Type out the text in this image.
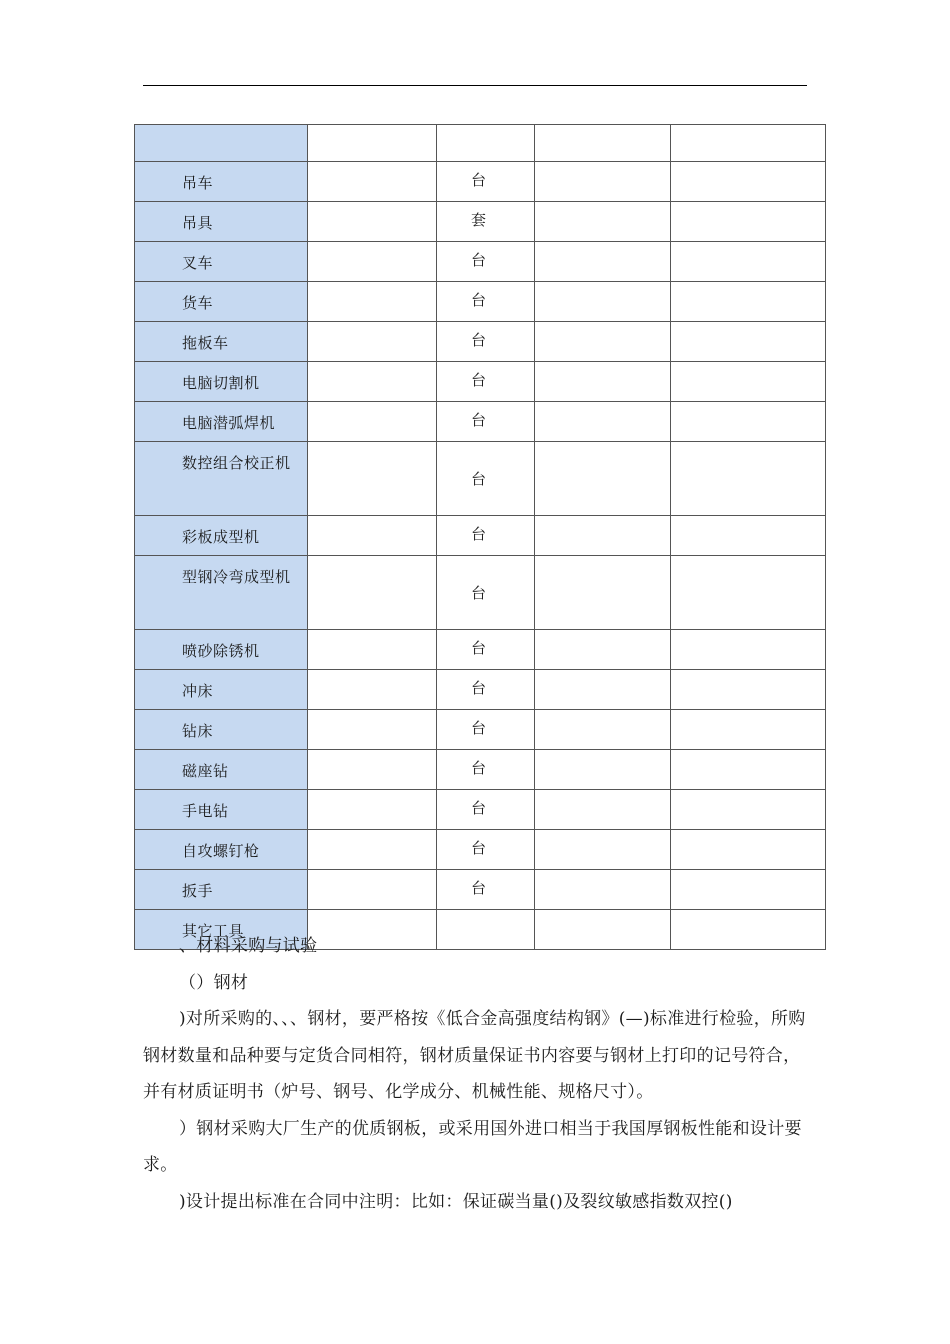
吊车		台		
吊具		套		
叉车		台		
货车		台		
拖板车		台		
电脑切割机		台		
电脑潜弧焊机		台		
数控组合校正机		台		
彩板成型机		台		
型钢冷弯成型机		台		
喷砂除锈机		台		
冲床		台		
钻床		台		
磁座钻		台		
手电钻		台		
自攻螺钉枪		台		
扳手		台		
其它工具				

、材料采购与试验

（）钢材

)对所采购的、、、钢材，要严格按《低合金高强度结构钢》(—)标准进行检验，所购钢材数量和品种要与定货合同相符，钢材质量保证书内容要与钢材上打印的记号符合，并有材质证明书（炉号、钢号、化学成分、机械性能、规格尺寸）。

）钢材采购大厂生产的优质钢板，或采用国外进口相当于我国厚钢板性能和设计要求。

)设计提出标准在合同中注明：比如：保证碳当量()及裂纹敏感指数双控()
